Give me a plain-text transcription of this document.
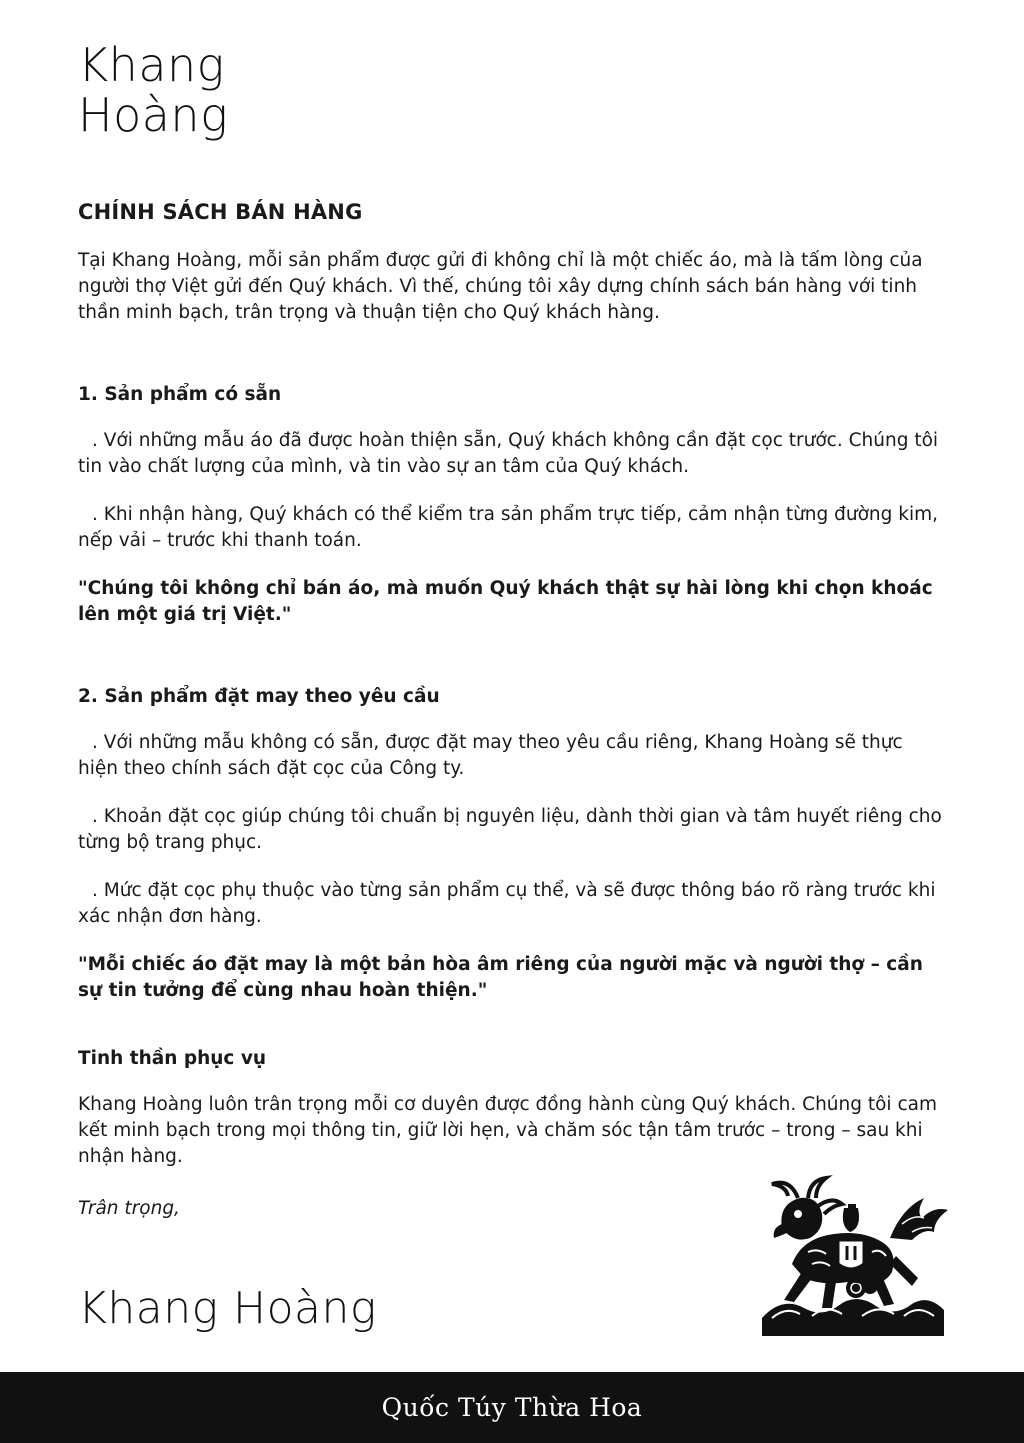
Khang
Hoàng
CHÍNH SÁCH BÁN HÀNG

Tại Khang Hoàng, mỗi sản phẩm được gửi đi không chỉ là một chiếc áo, mà là tấm lòng của người thợ Việt gửi đến Quý khách. Vì thế, chúng tôi xây dựng chính sách bán hàng với tinh thần minh bạch, trân trọng và thuận tiện cho Quý khách hàng.

1. Sản phẩm có sẵn

. Với những mẫu áo đã được hoàn thiện sẵn, Quý khách không cần đặt cọc trước. Chúng tôi tin vào chất lượng của mình, và tin vào sự an tâm của Quý khách.

. Khi nhận hàng, Quý khách có thể kiểm tra sản phẩm trực tiếp, cảm nhận từng đường kim, nếp vải – trước khi thanh toán.

"Chúng tôi không chỉ bán áo, mà muốn Quý khách thật sự hài lòng khi chọn khoác lên một giá trị Việt."

2. Sản phẩm đặt may theo yêu cầu

. Với những mẫu không có sẵn, được đặt may theo yêu cầu riêng, Khang Hoàng sẽ thực hiện theo chính sách đặt cọc của Công ty.

. Khoản đặt cọc giúp chúng tôi chuẩn bị nguyên liệu, dành thời gian và tâm huyết riêng cho từng bộ trang phục.

. Mức đặt cọc phụ thuộc vào từng sản phẩm cụ thể, và sẽ được thông báo rõ ràng trước khi xác nhận đơn hàng.

"Mỗi chiếc áo đặt may là một bản hòa âm riêng của người mặc và người thợ – cần sự tin tưởng để cùng nhau hoàn thiện."

Tinh thần phục vụ

Khang Hoàng luôn trân trọng mỗi cơ duyên được đồng hành cùng Quý khách. Chúng tôi cam kết minh bạch trong mọi thông tin, giữ lời hẹn, và chăm sóc tận tâm trước – trong – sau khi nhận hàng.

Trân trọng,
Khang Hoàng
Quốc Túy Thừa Hoa
